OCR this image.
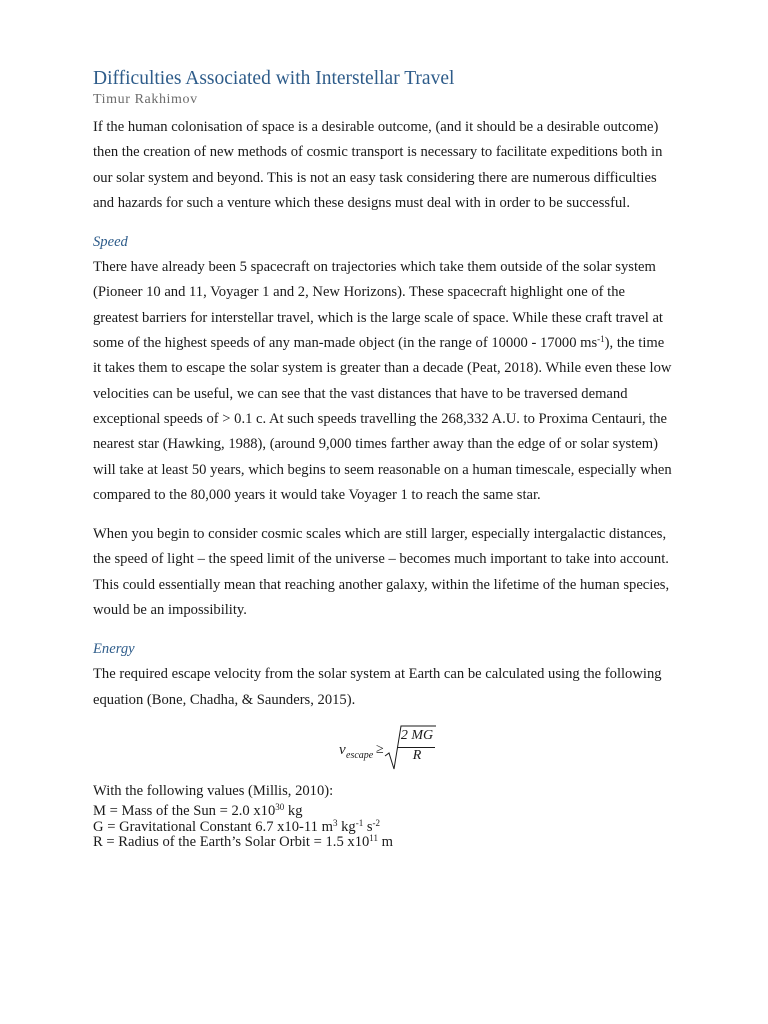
Difficulties Associated with Interstellar Travel
Timur Rakhimov

If the human colonisation of space is a desirable outcome, (and it should be a desirable outcome) then the creation of new methods of cosmic transport is necessary to facilitate expeditions both in our solar system and beyond. This is not an easy task considering there are numerous difficulties and hazards for such a venture which these designs must deal with in order to be successful.

Speed

There have already been 5 spacecraft on trajectories which take them outside of the solar system (Pioneer 10 and 11, Voyager 1 and 2, New Horizons). These spacecraft highlight one of the greatest barriers for interstellar travel, which is the large scale of space. While these craft travel at some of the highest speeds of any man-made object (in the range of 10000 - 17000 $ms^{-1}$), the time it takes them to escape the solar system is greater than a decade (Peat, 2018). While even these low velocities can be useful, we can see that the vast distances that have to be traversed demand exceptional speeds of > 0.1 c. At such speeds travelling the 268,332 A.U. to Proxima Centauri, the nearest star (Hawking, 1988), (around 9,000 times farther away than the edge of or solar system) will take at least 50 years, which begins to seem reasonable on a human timescale, especially when compared to the 80,000 years it would take Voyager 1 to reach the same star.

When you begin to consider cosmic scales which are still larger, especially intergalactic distances, the speed of light – the speed limit of the universe – becomes much important to take into account. This could essentially mean that reaching another galaxy, within the lifetime of the human species, would be an impossibility.

Energy

The required escape velocity from the solar system at Earth can be calculated using the following equation (Bone, Chadha, & Saunders, 2015).

v escape ≥
2 MG
R

With the following values (Millis, 2010):

M = Mass of the Sun = 2.0 $x10^{30}$ kg

G = Gravitational Constant 6.7 x10-11 $m^3$ $kg^{-1}$ $s^{-2}$

R = Radius of the Earth’s Solar Orbit = 1.5 $x10^{11}$ m
